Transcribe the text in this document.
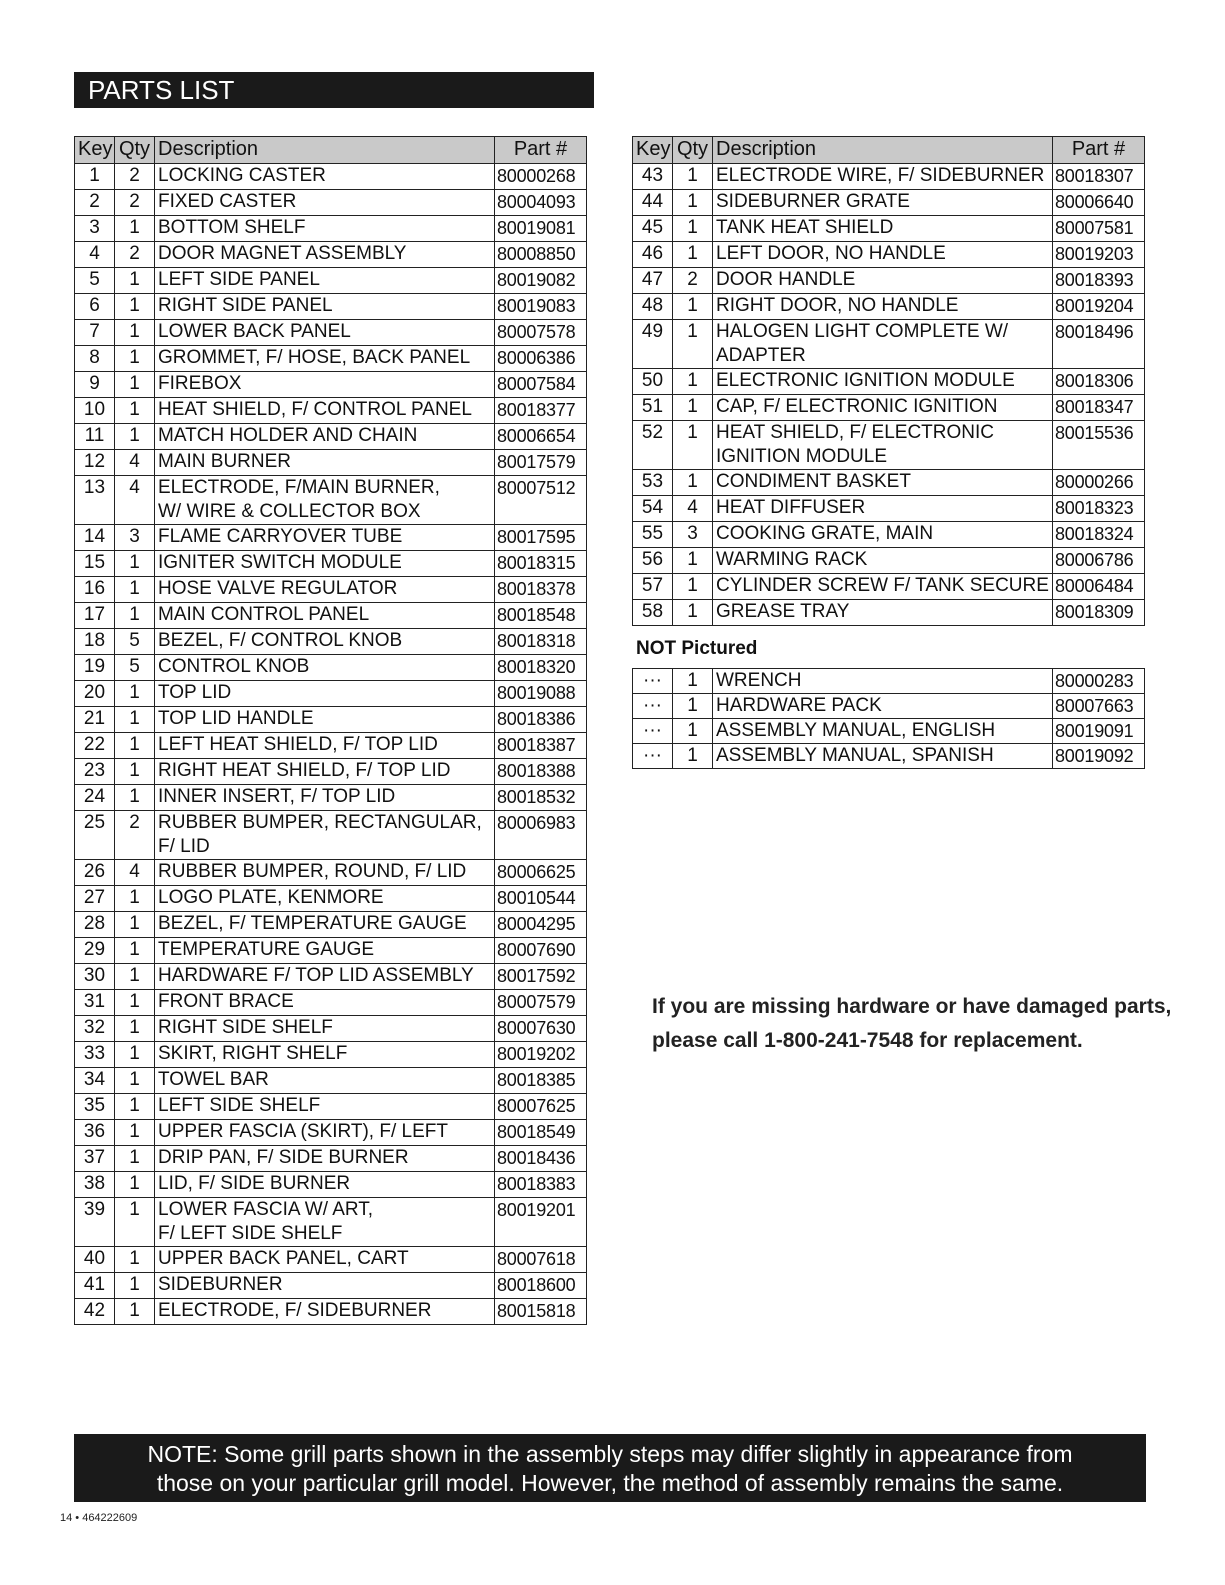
PARTS LIST
Key	Qty	Description	Part #

1	2	LOCKING CASTER	80000268

2	2	FIXED CASTER	80004093

3	1	BOTTOM SHELF	80019081

4	2	DOOR MAGNET ASSEMBLY	80008850

5	1	LEFT SIDE PANEL	80019082

6	1	RIGHT SIDE PANEL	80019083

7	1	LOWER BACK PANEL	80007578

8	1	GROMMET, F/ HOSE, BACK PANEL	80006386

9	1	FIREBOX	80007584

10	1	HEAT SHIELD, F/ CONTROL PANEL	80018377

11	1	MATCH HOLDER AND CHAIN	80006654

12	4	MAIN BURNER	80017579

13	4	ELECTRODE, F/MAIN BURNER,
W/ WIRE & COLLECTOR BOX	80007512

14	3	FLAME CARRYOVER TUBE	80017595

15	1	IGNITER SWITCH MODULE	80018315

16	1	HOSE VALVE REGULATOR	80018378

17	1	MAIN CONTROL PANEL	80018548

18	5	BEZEL, F/ CONTROL KNOB	80018318

19	5	CONTROL KNOB	80018320

20	1	TOP LID	80019088

21	1	TOP LID HANDLE	80018386

22	1	LEFT HEAT SHIELD, F/ TOP LID	80018387

23	1	RIGHT HEAT SHIELD, F/ TOP LID	80018388

24	1	INNER INSERT, F/ TOP LID	80018532

25	2	RUBBER BUMPER, RECTANGULAR,
F/ LID	80006983

26	4	RUBBER BUMPER, ROUND, F/ LID	80006625

27	1	LOGO PLATE, KENMORE	80010544

28	1	BEZEL, F/ TEMPERATURE GAUGE	80004295

29	1	TEMPERATURE GAUGE	80007690

30	1	HARDWARE F/ TOP LID ASSEMBLY	80017592

31	1	FRONT BRACE	80007579

32	1	RIGHT SIDE SHELF	80007630

33	1	SKIRT, RIGHT SHELF	80019202

34	1	TOWEL BAR	80018385

35	1	LEFT SIDE SHELF	80007625

36	1	UPPER FASCIA (SKIRT), F/ LEFT	80018549

37	1	DRIP PAN, F/ SIDE BURNER	80018436

38	1	LID, F/ SIDE BURNER	80018383

39	1	LOWER FASCIA W/ ART,
F/ LEFT SIDE SHELF	80019201

40	1	UPPER BACK PANEL, CART	80007618

41	1	SIDEBURNER	80018600

42	1	ELECTRODE, F/ SIDEBURNER	80015818
Key	Qty	Description	Part #

43	1	ELECTRODE WIRE, F/ SIDEBURNER	80018307

44	1	SIDEBURNER GRATE	80006640

45	1	TANK HEAT SHIELD	80007581

46	1	LEFT DOOR, NO HANDLE	80019203

47	2	DOOR HANDLE	80018393

48	1	RIGHT DOOR, NO HANDLE	80019204

49	1	HALOGEN LIGHT COMPLETE W/
ADAPTER	80018496

50	1	ELECTRONIC IGNITION MODULE	80018306

51	1	CAP, F/ ELECTRONIC IGNITION	80018347

52	1	HEAT SHIELD, F/ ELECTRONIC
IGNITION MODULE	80015536

53	1	CONDIMENT BASKET	80000266

54	4	HEAT DIFFUSER	80018323

55	3	COOKING GRATE, MAIN	80018324

56	1	WARMING RACK	80006786

57	1	CYLINDER SCREW F/ TANK SECURE	80006484

58	1	GREASE TRAY	80018309
NOT Pictured
···	1	WRENCH	80000283

···	1	HARDWARE PACK	80007663

···	1	ASSEMBLY MANUAL, ENGLISH	80019091

···	1	ASSEMBLY MANUAL, SPANISH	80019092
If you are missing hardware or have damaged parts,
please call 1-800-241-7548 for replacement.
NOTE: Some grill parts shown in the assembly steps may differ slightly in appearance from
those on your particular grill model. However, the method of assembly remains the same.
14 • 464222609
